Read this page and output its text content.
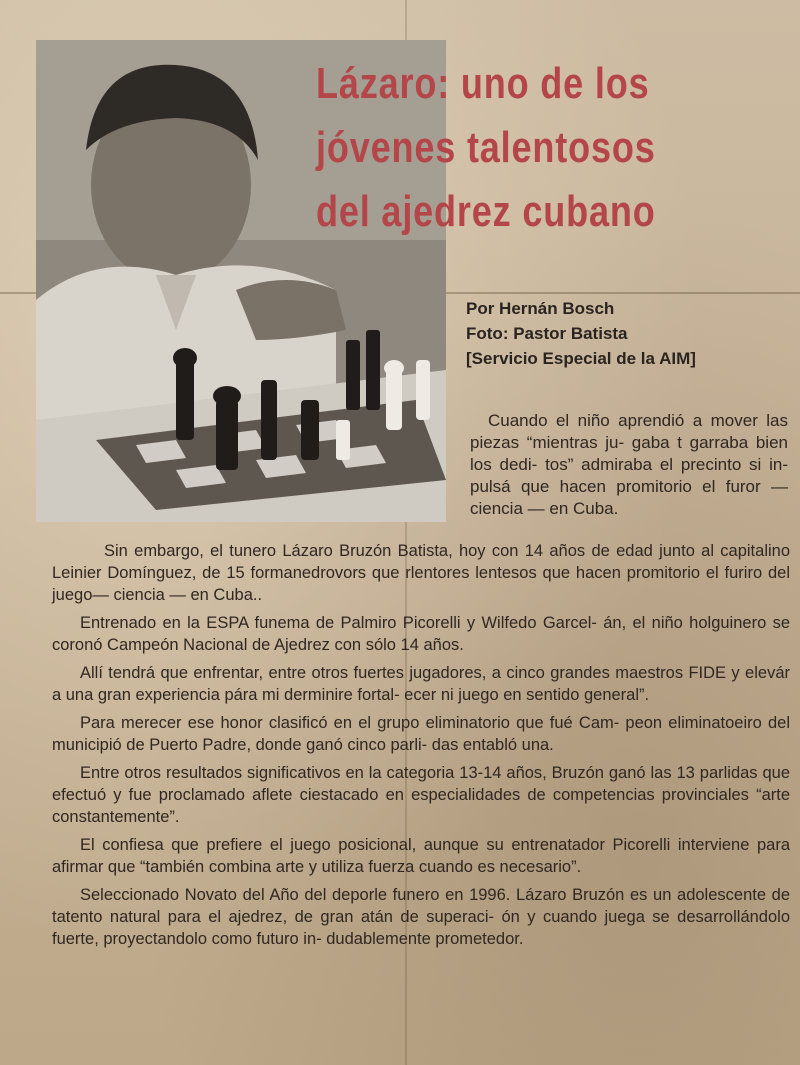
Lázaro: uno de los
jóvenes talentosos
del ajedrez cubano
Por Hernán Bosch
Foto: Pastor Batista
[Servicio Especial de la AIM]
Cuando el niño aprendió a mover las piezas “mientras ju- gaba t garraba bien los dedi- tos” admiraba el precinto si in- pulsá que hacen promitorio el furor — ciencia — en Cuba.

Sin embargo, el tunero Lázaro Bruzón Batista, hoy con 14 años de edad junto al capitalino Leinier Domínguez, de 15 formanedrovors que rlentores lentesos que hacen promitorio el furiro del juego— ciencia — en Cuba..

Entrenado en la ESPA funema de Palmiro Picorelli y Wilfedo Garcel- án, el niño holguinero se coronó Campeón Nacional de Ajedrez con sólo 14 años.

Allí tendrá que enfrentar, entre otros fuertes jugadores, a cinco grandes maestros FIDE y elevár a una gran experiencia pára mi derminire fortal- ecer ni juego en sentido general”.

Para merecer ese honor clasificó en el grupo eliminatorio que fué Cam- peon eliminatoeiro del municipió de Puerto Padre, donde ganó cinco parli- das entabló una.

Entre otros resultados significativos en la categoria 13-14 años, Bruzón ganó las 13 parlidas que efectuó y fue proclamado aflete ciestacado en especialidades de competencias provinciales “arte constantemente”.

El confiesa que prefiere el juego posicional, aunque su entrenatador Picorelli interviene para afirmar que “también combina arte y utiliza fuerza cuando es necesario”.

Seleccionado Novato del Año del deporle funero en 1996. Lázaro Bruzón es un adolescente de tatento natural para el ajedrez, de gran atán de superaci- ón y cuando juega se desarrollándolo fuerte, proyectandolo como futuro in- dudablemente prometedor.
